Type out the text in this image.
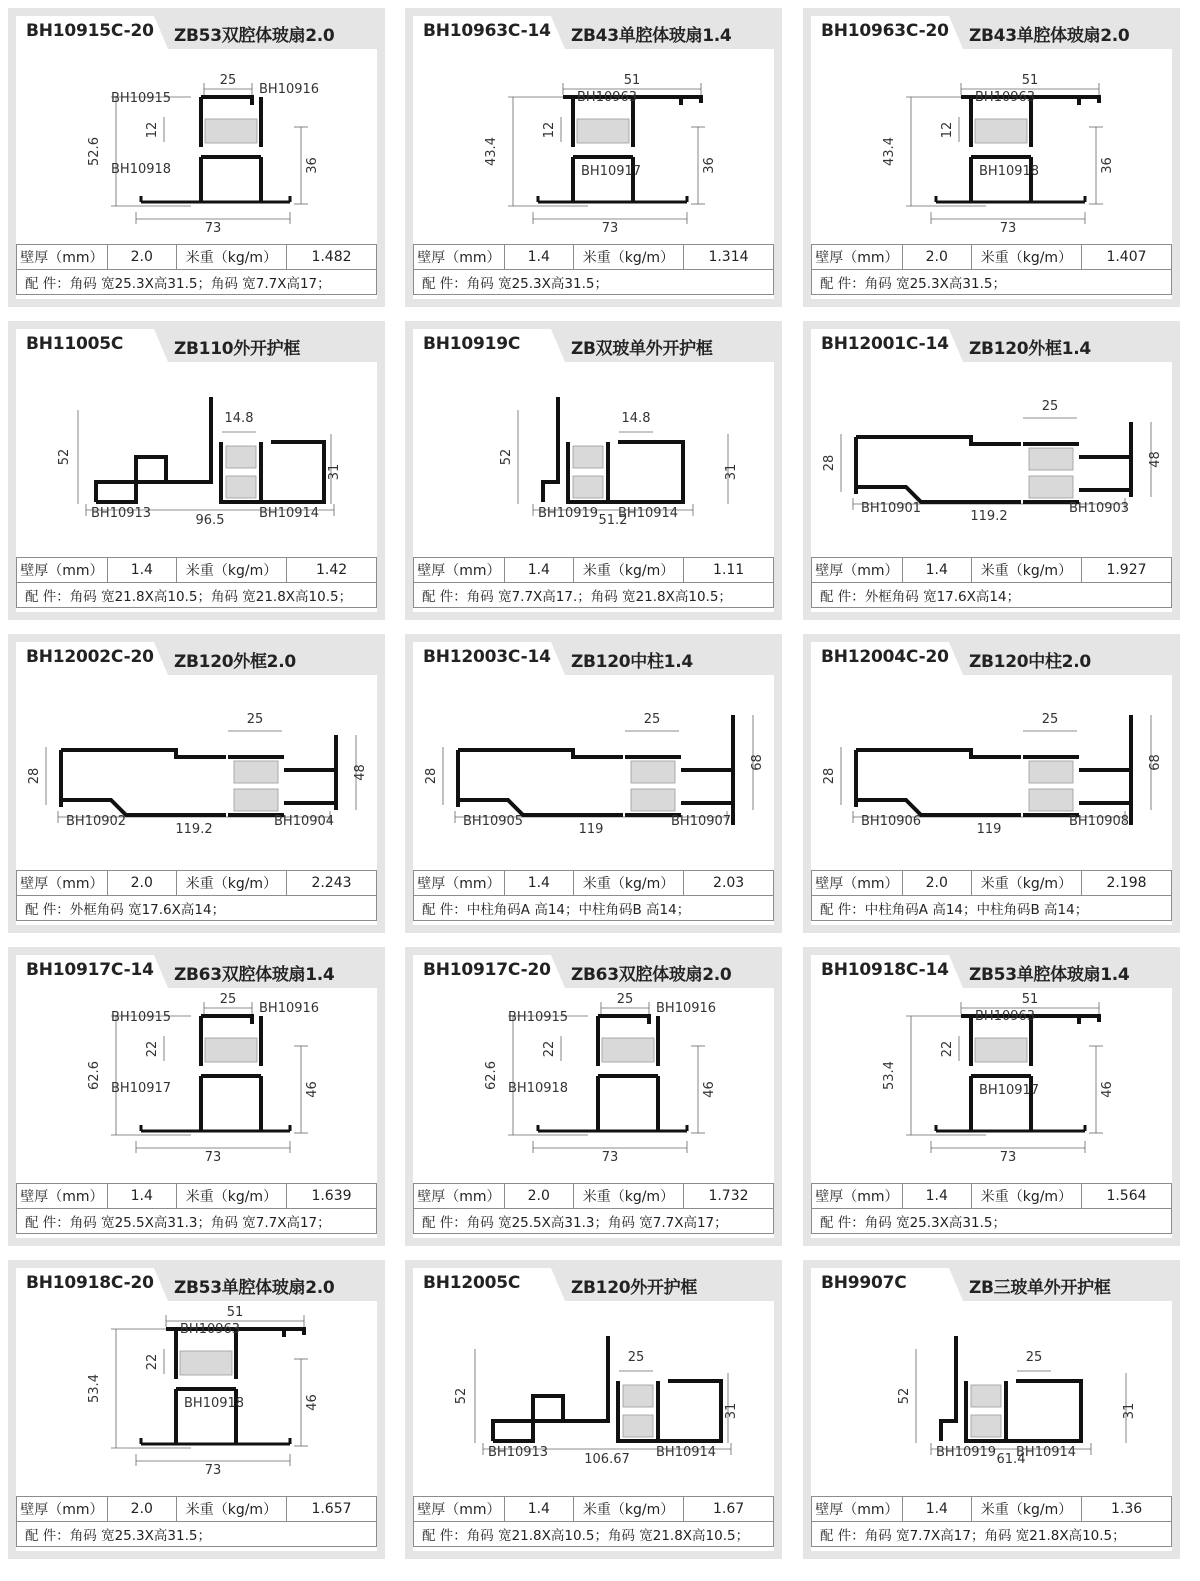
BH10915C-20 ZB53双腔体玻扇2.0
52.6
73
25
36
12
BH10915
BH10916
BH10918
壁厚（mm）	2.0	米重（kg/m）	1.482
配 件：角码 宽25.3X高31.5；角码 宽7.7X高17；
BH10963C-14 ZB43单腔体玻扇1.4
43.4
73
51
36
12
BH10963
BH10917
壁厚（mm）	1.4	米重（kg/m）	1.314
配 件：角码 宽25.3X高31.5；
BH10963C-20 ZB43单腔体玻扇2.0
43.4
73
51
36
12
BH10963
BH10918
壁厚（mm）	2.0	米重（kg/m）	1.407
配 件：角码 宽25.3X高31.5；
BH11005C	ZB110外开护框
96.5
52
31
14.8
BH10913	BH10914
壁厚（mm）	1.4	米重（kg/m）	1.42
配 件：角码 宽21.8X高10.5；角码 宽21.8X高10.5；
BH10919C	ZB双玻单外开护框
51.2
52
31
14.8
BH10919 BH10914
壁厚（mm）	1.4	米重（kg/m）	1.11
配 件：角码 宽7.7X高17.；角码 宽21.8X高10.5；
BH12001C-14 ZB120外框1.4
119.2
28	48
25
BH10901	BH10903
壁厚（mm）	1.4	米重（kg/m）	1.927
配 件：外框角码 宽17.6X高14；
BH12002C-20 ZB120外框2.0
119.2
28	48
25
BH10902	BH10904
壁厚（mm）	2.0	米重（kg/m）	2.243
配 件：外框角码 宽17.6X高14；
BH12003C-14 ZB120中柱1.4
119
28
68
25
BH10905	BH10907
壁厚（mm）	1.4	米重（kg/m）	2.03
配 件：中柱角码A 高14；中柱角码B 高14；
BH12004C-20 ZB120中柱2.0
119
28
68
25
BH10906	BH10908
壁厚（mm）	2.0	米重（kg/m）	2.198
配 件：中柱角码A 高14；中柱角码B 高14；
BH10917C-14 ZB63双腔体玻扇1.4
62.6
73
25
46
22
BH10915
BH10916
BH10917
壁厚（mm）	1.4	米重（kg/m）	1.639
配 件：角码 宽25.5X高31.3；角码 宽7.7X高17；
BH10917C-20 ZB63双腔体玻扇2.0
62.6
73
25
46
22
BH10915
BH10916
BH10918
壁厚（mm）	2.0	米重（kg/m）	1.732
配 件：角码 宽25.5X高31.3；角码 宽7.7X高17；
BH10918C-14 ZB53单腔体玻扇1.4
53.4
73
51
46
22
BH10963
BH10917
壁厚（mm）	1.4	米重（kg/m）	1.564
配 件：角码 宽25.3X高31.5；
BH10918C-20 ZB53单腔体玻扇2.0
53.4
73
51
46
22
BH10963
BH10918
壁厚（mm）	2.0	米重（kg/m）	1.657
配 件：角码 宽25.3X高31.5；
BH12005C	ZB120外开护框
106.67
52
31
25
BH10913	BH10914
壁厚（mm）	1.4	米重（kg/m）	1.67
配 件：角码 宽21.8X高10.5；角码 宽21.8X高10.5；
BH9907C	ZB三玻单外开护框
61.4
52
31
25
BH10919 BH10914
壁厚（mm）	1.4	米重（kg/m）	1.36
配 件：角码 宽7.7X高17；角码 宽21.8X高10.5；
